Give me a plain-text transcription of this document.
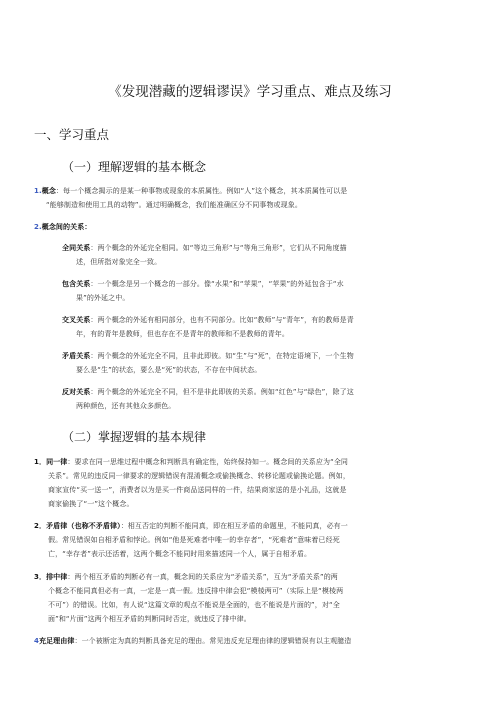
《发现潜藏的逻辑谬误》学习重点、难点及练习
一、学习重点
（一）理解逻辑的基本概念
1.概念：每一个概念揭示的是某一种事物或现象的本质属性。例如“人”这个概念，其本质属性可以是
“能够制造和使用工具的动物”。通过明确概念，我们能准确区分不同事物或现象。
2.概念间的关系：
全同关系：两个概念的外延完全相同。如“等边三角形”与“等角三角形”，它们从不同角度描
述，但所指对象完全一致。
包含关系：一个概念是另一个概念的一部分。像“水果”和“苹果”，“苹果”的外延包含于“水
果”的外延之中。
交叉关系：两个概念的外延有相同部分，也有不同部分。比如“教师”与“青年”，有的教师是青
年，有的青年是教师，但也存在不是青年的教师和不是教师的青年。
矛盾关系：两个概念的外延完全不同，且非此即彼。如“生”与“死”，在特定语境下，一个生物
要么是“生”的状态，要么是“死”的状态，不存在中间状态。
反对关系：两个概念的外延完全不同，但不是非此即彼的关系。例如“红色”与“绿色”，除了这
两种颜色，还有其他众多颜色。
（二）掌握逻辑的基本规律
1．同一律：要求在同一思维过程中概念和判断具有确定性，始终保持如一。概念间的关系应为“全同
关系”。常见的违反同一律要求的逻辑错误有混淆概念或偷换概念、转移论题或偷换论题。例如，
商家宣传“买一送一”，消费者以为是买一件商品送同样的一件，结果商家送的是小礼品，这就是
商家偷换了“一”这个概念。
2．矛盾律（也称不矛盾律）：相互否定的判断不能同真，即在相互矛盾的命题里，不能同真，必有一
假。常见错误如自相矛盾和悖论。例如“他是死难者中唯一的幸存者”，“死难者”意味着已经死
亡，“幸存者”表示还活着，这两个概念不能同时用来描述同一个人，属于自相矛盾。
3．排中律：两个相互矛盾的判断必有一真，概念间的关系应为“矛盾关系”，互为“矛盾关系”的两
个概念不能同真但必有一真，一定是一真一假。违反排中律会犯“模棱两可”（实际上是“模棱两
不可”）的错误。比如，有人说“这篇文章的观点不能说是全面的，也不能说是片面的”，对“全
面”和“片面”这两个相互矛盾的判断同时否定，就违反了排中律。
4充足理由律：一个被断定为真的判断具备充足的理由。常见违反充足理由律的逻辑错误有以主观臆造
